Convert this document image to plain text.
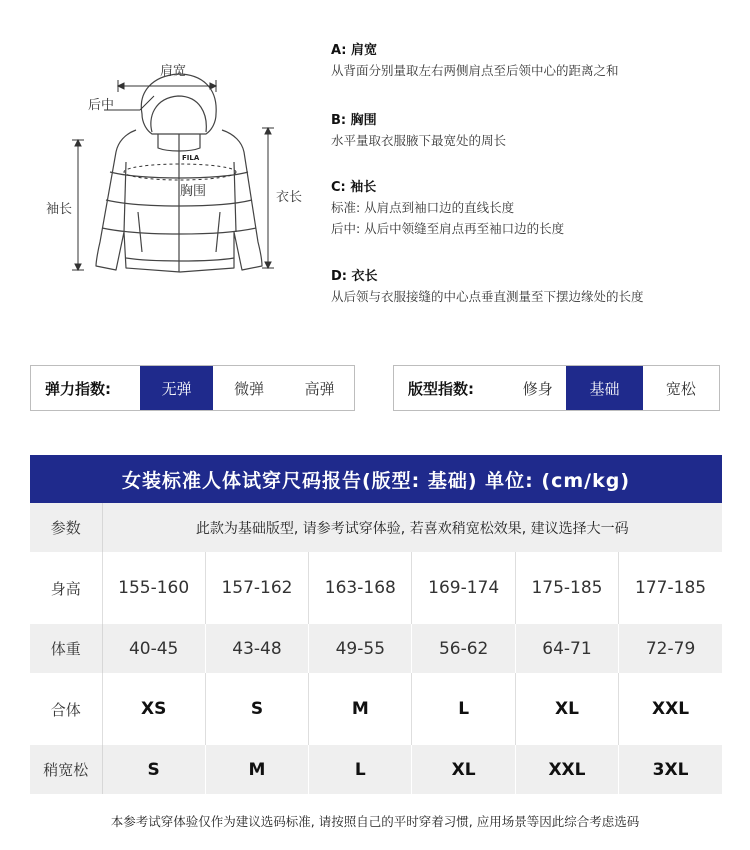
FILA
肩宽
后中
胸围
袖长
衣长
A: 肩宽
从背面分别量取左右两侧肩点至后领中心的距离之和
B: 胸围
水平量取衣服腋下最宽处的周长
C: 袖长
标准: 从肩点到袖口边的直线长度
后中: 从后中领缝至肩点再至袖口边的长度
D: 衣长
从后领与衣服接缝的中心点垂直测量至下摆边缘处的长度
弹力指数:	无弹	微弹	高弹	版型指数:	修身	基础	宽松
女装标准人体试穿尺码报告(版型: 基础) 单位: (cm/kg)
参数	此款为基础版型, 请参考试穿体验, 若喜欢稍宽松效果, 建议选择大一码					
身高	155-160	157-162	163-168	169-174	175-185	177-185
体重	40-45	43-48	49-55	56-62	64-71	72-79
合体	XS	S	M	L	XL	XXL
稍宽松	S	M	L	XL	XXL	3XL
本参考试穿体验仅作为建议选码标准, 请按照自己的平时穿着习惯, 应用场景等因此综合考虑选码
